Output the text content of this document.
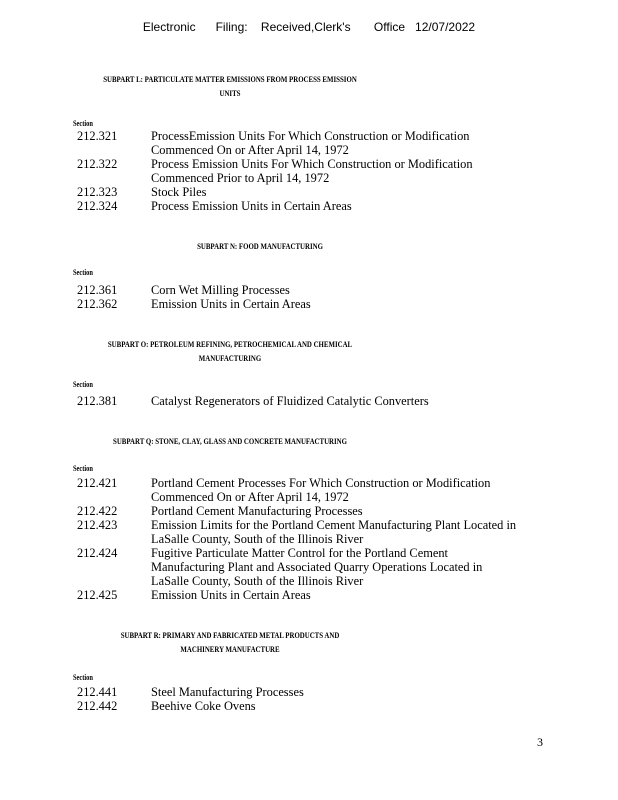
Electronic      Filing:    Received,Clerk's       Office   12/07/2022
SUBPART L: PARTICULATE MATTER EMISSIONS FROM PROCESS EMISSION
UNITS
Section
212.321	ProcessEmission Units For Which Construction or Modification
Commenced On or After April 14, 1972
212.322	Process Emission Units For Which Construction or Modification
Commenced Prior to April 14, 1972
212.323	Stock Piles
212.324	Process Emission Units in Certain Areas
SUBPART N: FOOD MANUFACTURING
Section
212.361	Corn Wet Milling Processes
212.362	Emission Units in Certain Areas
SUBPART O: PETROLEUM REFINING, PETROCHEMICAL AND CHEMICAL
MANUFACTURING
Section
212.381	Catalyst Regenerators of Fluidized Catalytic Converters
SUBPART Q: STONE, CLAY, GLASS AND CONCRETE MANUFACTURING
Section
212.421	Portland Cement Processes For Which Construction or Modification
Commenced On or After April 14, 1972
212.422	Portland Cement Manufacturing Processes
212.423	Emission Limits for the Portland Cement Manufacturing Plant Located in
LaSalle County, South of the Illinois River
212.424	Fugitive Particulate Matter Control for the Portland Cement
Manufacturing Plant and Associated Quarry Operations Located in
LaSalle County, South of the Illinois River
212.425	Emission Units in Certain Areas
SUBPART R: PRIMARY AND FABRICATED METAL PRODUCTS AND
MACHINERY MANUFACTURE
Section
212.441	Steel Manufacturing Processes
212.442	Beehive Coke Ovens
3
